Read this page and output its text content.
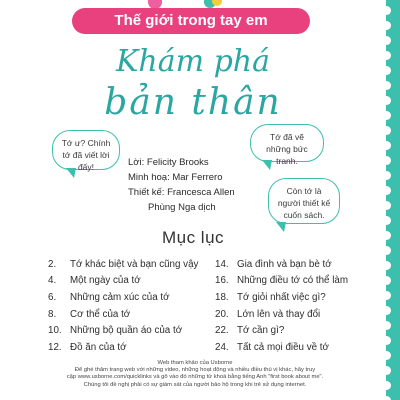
Thế giới trong tay em
Khám phá
bản thân
Tớ ư? Chính tớ đã viết lời đấy!
Tớ đã vẽ những bức tranh.
Còn tớ là người thiết kế cuốn sách.
Lời: Felicity Brooks
Minh hoạ: Mar Ferrero
Thiết kế: Francesca Allen
Phùng Nga dịch
Mục lục
2.	Tớ khác biệt và bạn cũng vậy
4.	Một ngày của tớ
6.	Những cảm xúc của tớ
8.	Cơ thể của tớ
10. Những bộ quần áo của tớ
12. Đồ ăn của tớ
14. Gia đình và bạn bè tớ
16. Những điều tớ có thể làm
18. Tớ giỏi nhất việc gì?
20. Lớn lên và thay đổi
22. Tớ cần gì?
24. Tất cả mọi điều về tớ
Web tham khảo của Usborne
Để ghé thăm trang web với những video, những hoạt động và nhiều điều thú vị khác, hãy truy
cập www.usborne.com/quicklinks và gõ vào đó những từ khoá bằng tiếng Anh "first book about me".
Chúng tôi đề nghị phải có sự giám sát của người bảo hộ trong khi trẻ sử dụng internet.
